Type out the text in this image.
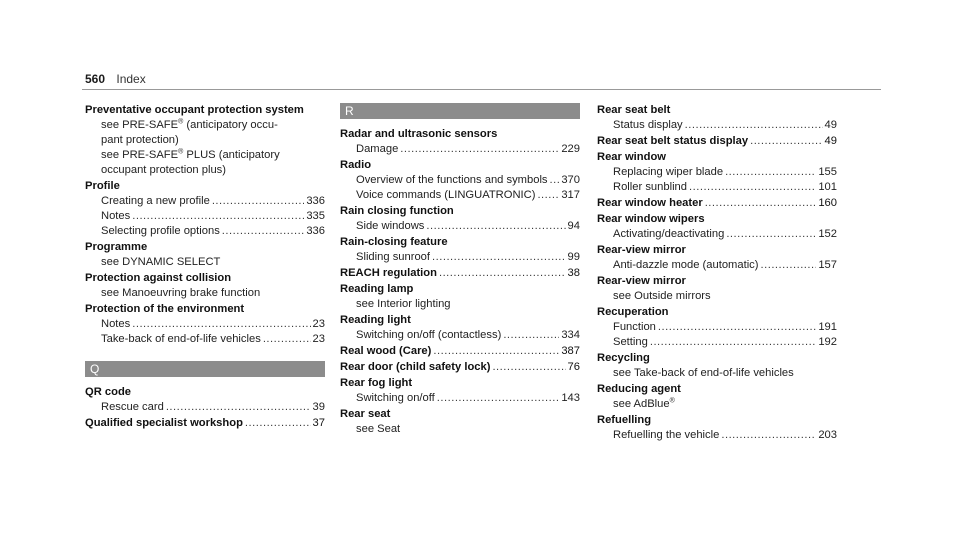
560 Index
Preventative occupant protection system
see PRE-SAFE® (anticipatory occu-
pant protection)
see PRE-SAFE® PLUS (anticipatory
occupant protection plus)
Profile
Creating a new profile .....	336
Notes .....	335
Selecting profile options .....	336
Programme
see DYNAMIC SELECT
Protection against collision
see Manoeuvring brake function
Protection of the environment
Notes .....	23
Take-back of end-of-life vehicles .....	23
Q
QR code
Rescue card .....	39
Qualified specialist workshop .....	37
R
Radar and ultrasonic sensors
Damage .....	229
Radio
Overview of the functions and symbols ..... 370
Voice commands (LINGUATRONIC) ..... 317
Rain closing function
Side windows .....	94
Rain-closing feature
Sliding sunroof .....	99
REACH regulation .....	38
Reading lamp
see Interior lighting
Reading light
Switching on/off (contactless) .....	334
Real wood (Care) .....	387
Rear door (child safety lock) .....	76
Rear fog light
Switching on/off .....	143
Rear seat
see Seat
Rear seat belt
Status display .....	49
Rear seat belt status display .....	49
Rear window
Replacing wiper blade .....	155
Roller sunblind .....	101
Rear window heater .....	160
Rear window wipers
Activating/deactivating .....	152
Rear-view mirror
Anti-dazzle mode (automatic) .....	157
Rear-view mirror
see Outside mirrors
Recuperation
Function .....	191
Setting .....	192
Recycling
see Take-back of end-of-life vehicles
Reducing agent
see AdBlue®
Refuelling
Refuelling the vehicle .....	203
